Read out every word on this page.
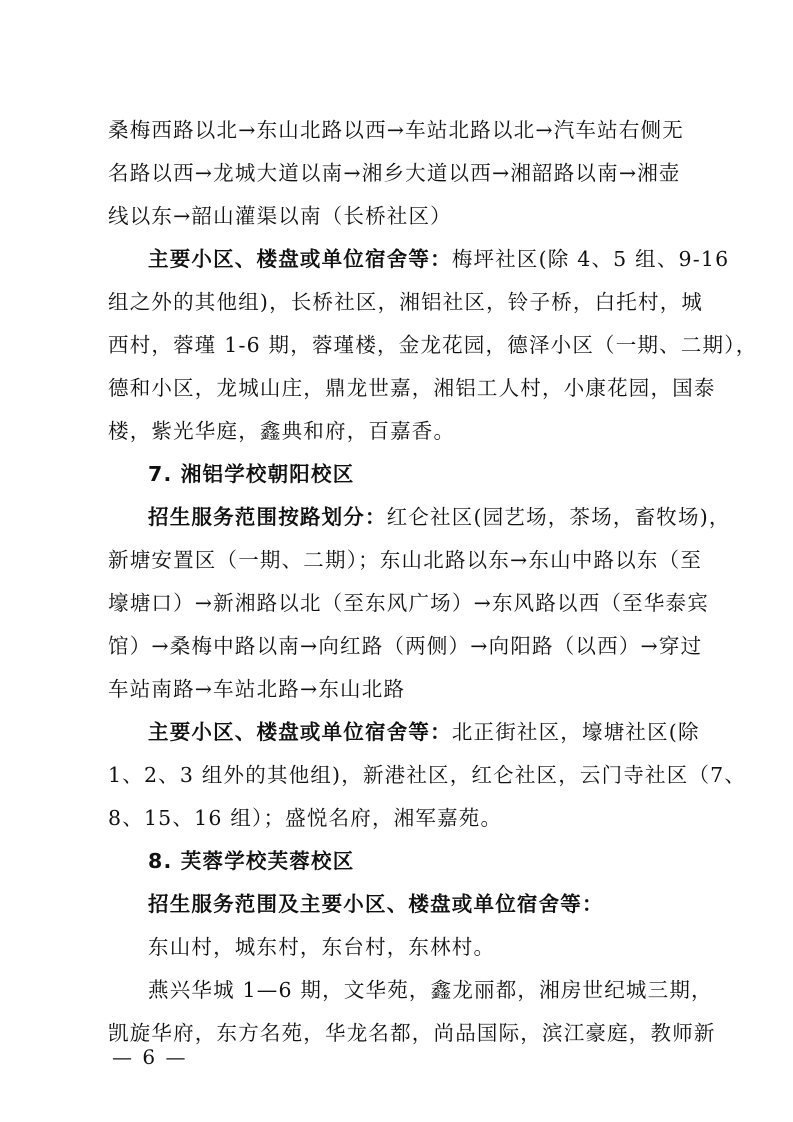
桑梅西路以北→东山北路以西→车站北路以北→汽车站右侧无
名路以西→龙城大道以南→湘乡大道以西→湘韶路以南→湘壶
线以东→韶山灌渠以南（长桥社区）
主要小区、楼盘或单位宿舍等：梅坪社区(除 4、5 组、9-16
组之外的其他组)，长桥社区，湘铝社区，铃子桥，白托村，城
西村，蓉瑾 1-6 期，蓉瑾楼，金龙花园，德泽小区（一期、二期），
德和小区，龙城山庄，鼎龙世嘉，湘铝工人村，小康花园，国泰
楼，紫光华庭，鑫典和府，百嘉香。
7. 湘铝学校朝阳校区
招生服务范围按路划分：红仑社区(园艺场，茶场，畜牧场)，
新塘安置区（一期、二期）；东山北路以东→东山中路以东（至
壕塘口）→新湘路以北（至东风广场）→东风路以西（至华泰宾
馆）→桑梅中路以南→向红路（两侧）→向阳路（以西）→穿过
车站南路→车站北路→东山北路
主要小区、楼盘或单位宿舍等：北正街社区，壕塘社区(除
1、2、3 组外的其他组)，新港社区，红仑社区，云门寺社区（7、
8、15、16 组）；盛悦名府，湘军嘉苑。
8. 芙蓉学校芙蓉校区
招生服务范围及主要小区、楼盘或单位宿舍等：
东山村，城东村，东台村，东林村。
燕兴华城 1—6 期，文华苑，鑫龙丽都，湘房世纪城三期，
凯旋华府，东方名苑，华龙名都，尚品国际，滨江豪庭，教师新
— 6 —
